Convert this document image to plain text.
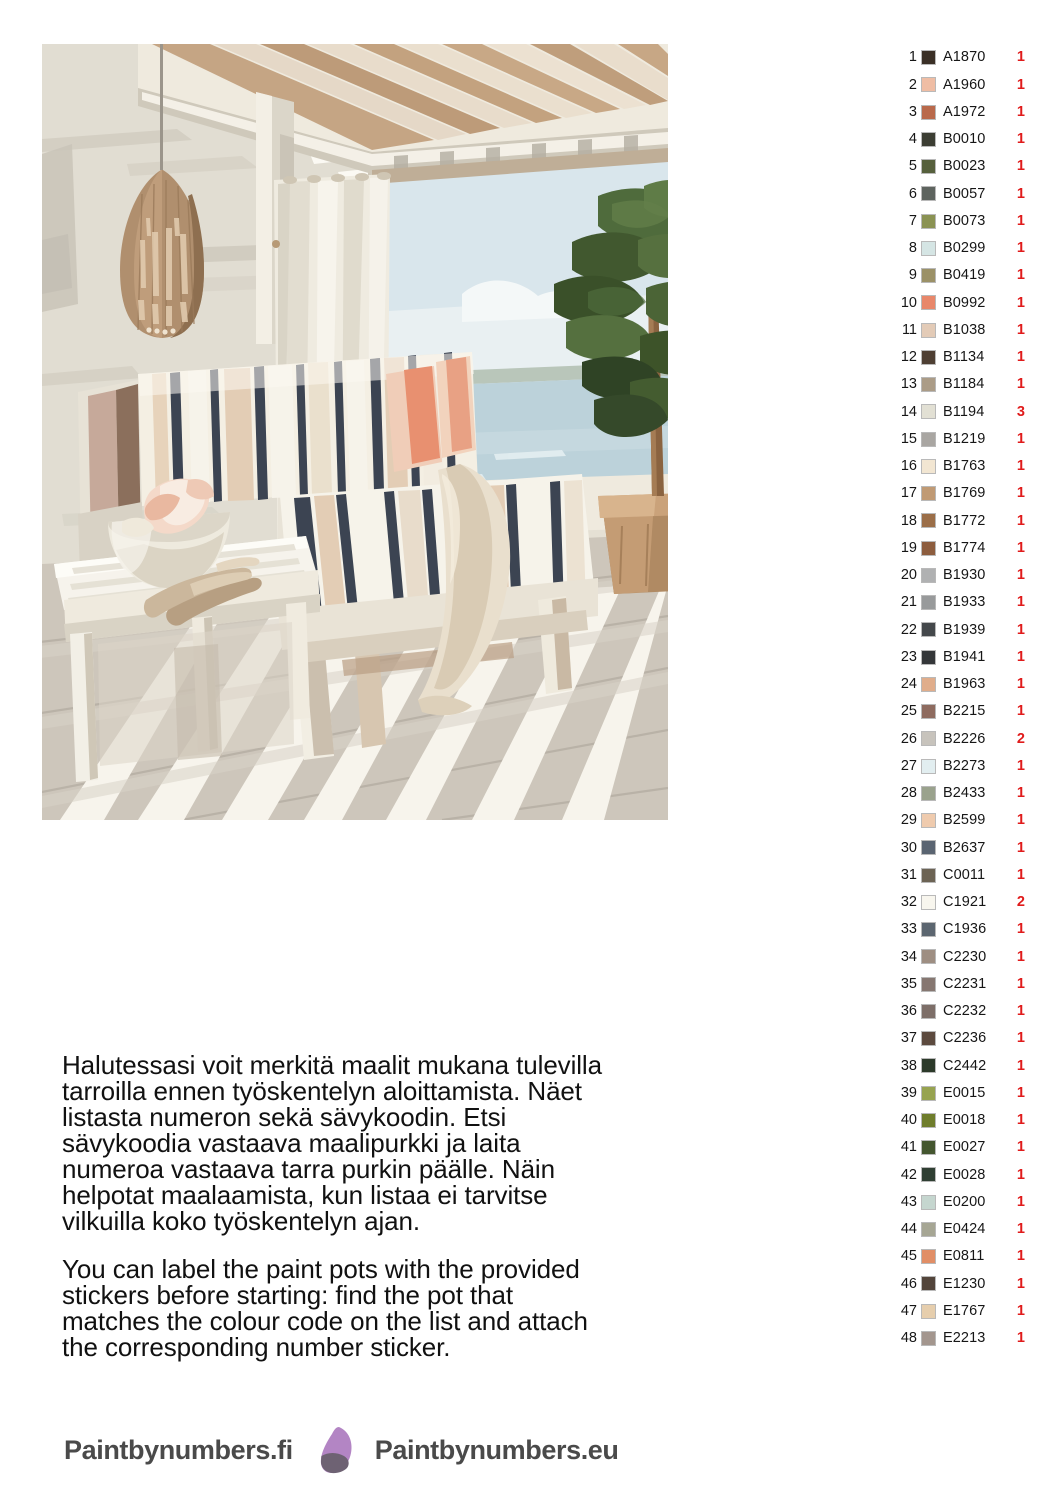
1 A1870	1
2 A1960	1
3 A1972	1
4 B0010	1
5 B0023	1
6 B0057	1
7 B0073	1
8 B0299	1
9 B0419	1
10 B0992	1
11 B1038	1
12 B1134	1
13 B1184	1
14 B1194	3
15 B1219	1
16 B1763	1
17 B1769	1
18 B1772	1
19 B1774	1
20 B1930	1
21 B1933	1
22 B1939	1
23 B1941	1
24 B1963	1
25 B2215	1
26 B2226	2
27 B2273	1
28 B2433	1
29 B2599	1
30 B2637	1
31 C0011	1
32 C1921	2
33 C1936	1
34 C2230	1
35 C2231	1
36 C2232	1
37 C2236	1
38 C2442	1
39 E0015	1
40 E0018	1
41 E0027	1
42 E0028	1
43 E0200	1
44 E0424	1
45 E0811	1
46 E1230	1
47 E1767	1
48 E2213	1

Halutessasi voit merkitä maalit mukana tulevilla tarroilla ennen työskentelyn aloittamista. Näet listasta numeron sekä sävykoodin. Etsi sävykoodia vastaava maalipurkki ja laita numeroa vastaava tarra purkin päälle. Näin helpotat maalaamista, kun listaa ei tarvitse vilkuilla koko työskentelyn ajan.

You can label the paint pots with the provided stickers before starting: find the pot that matches the colour code on the list and attach the corresponding number sticker.

Paintbynumbers.fi	Paintbynumbers.eu
